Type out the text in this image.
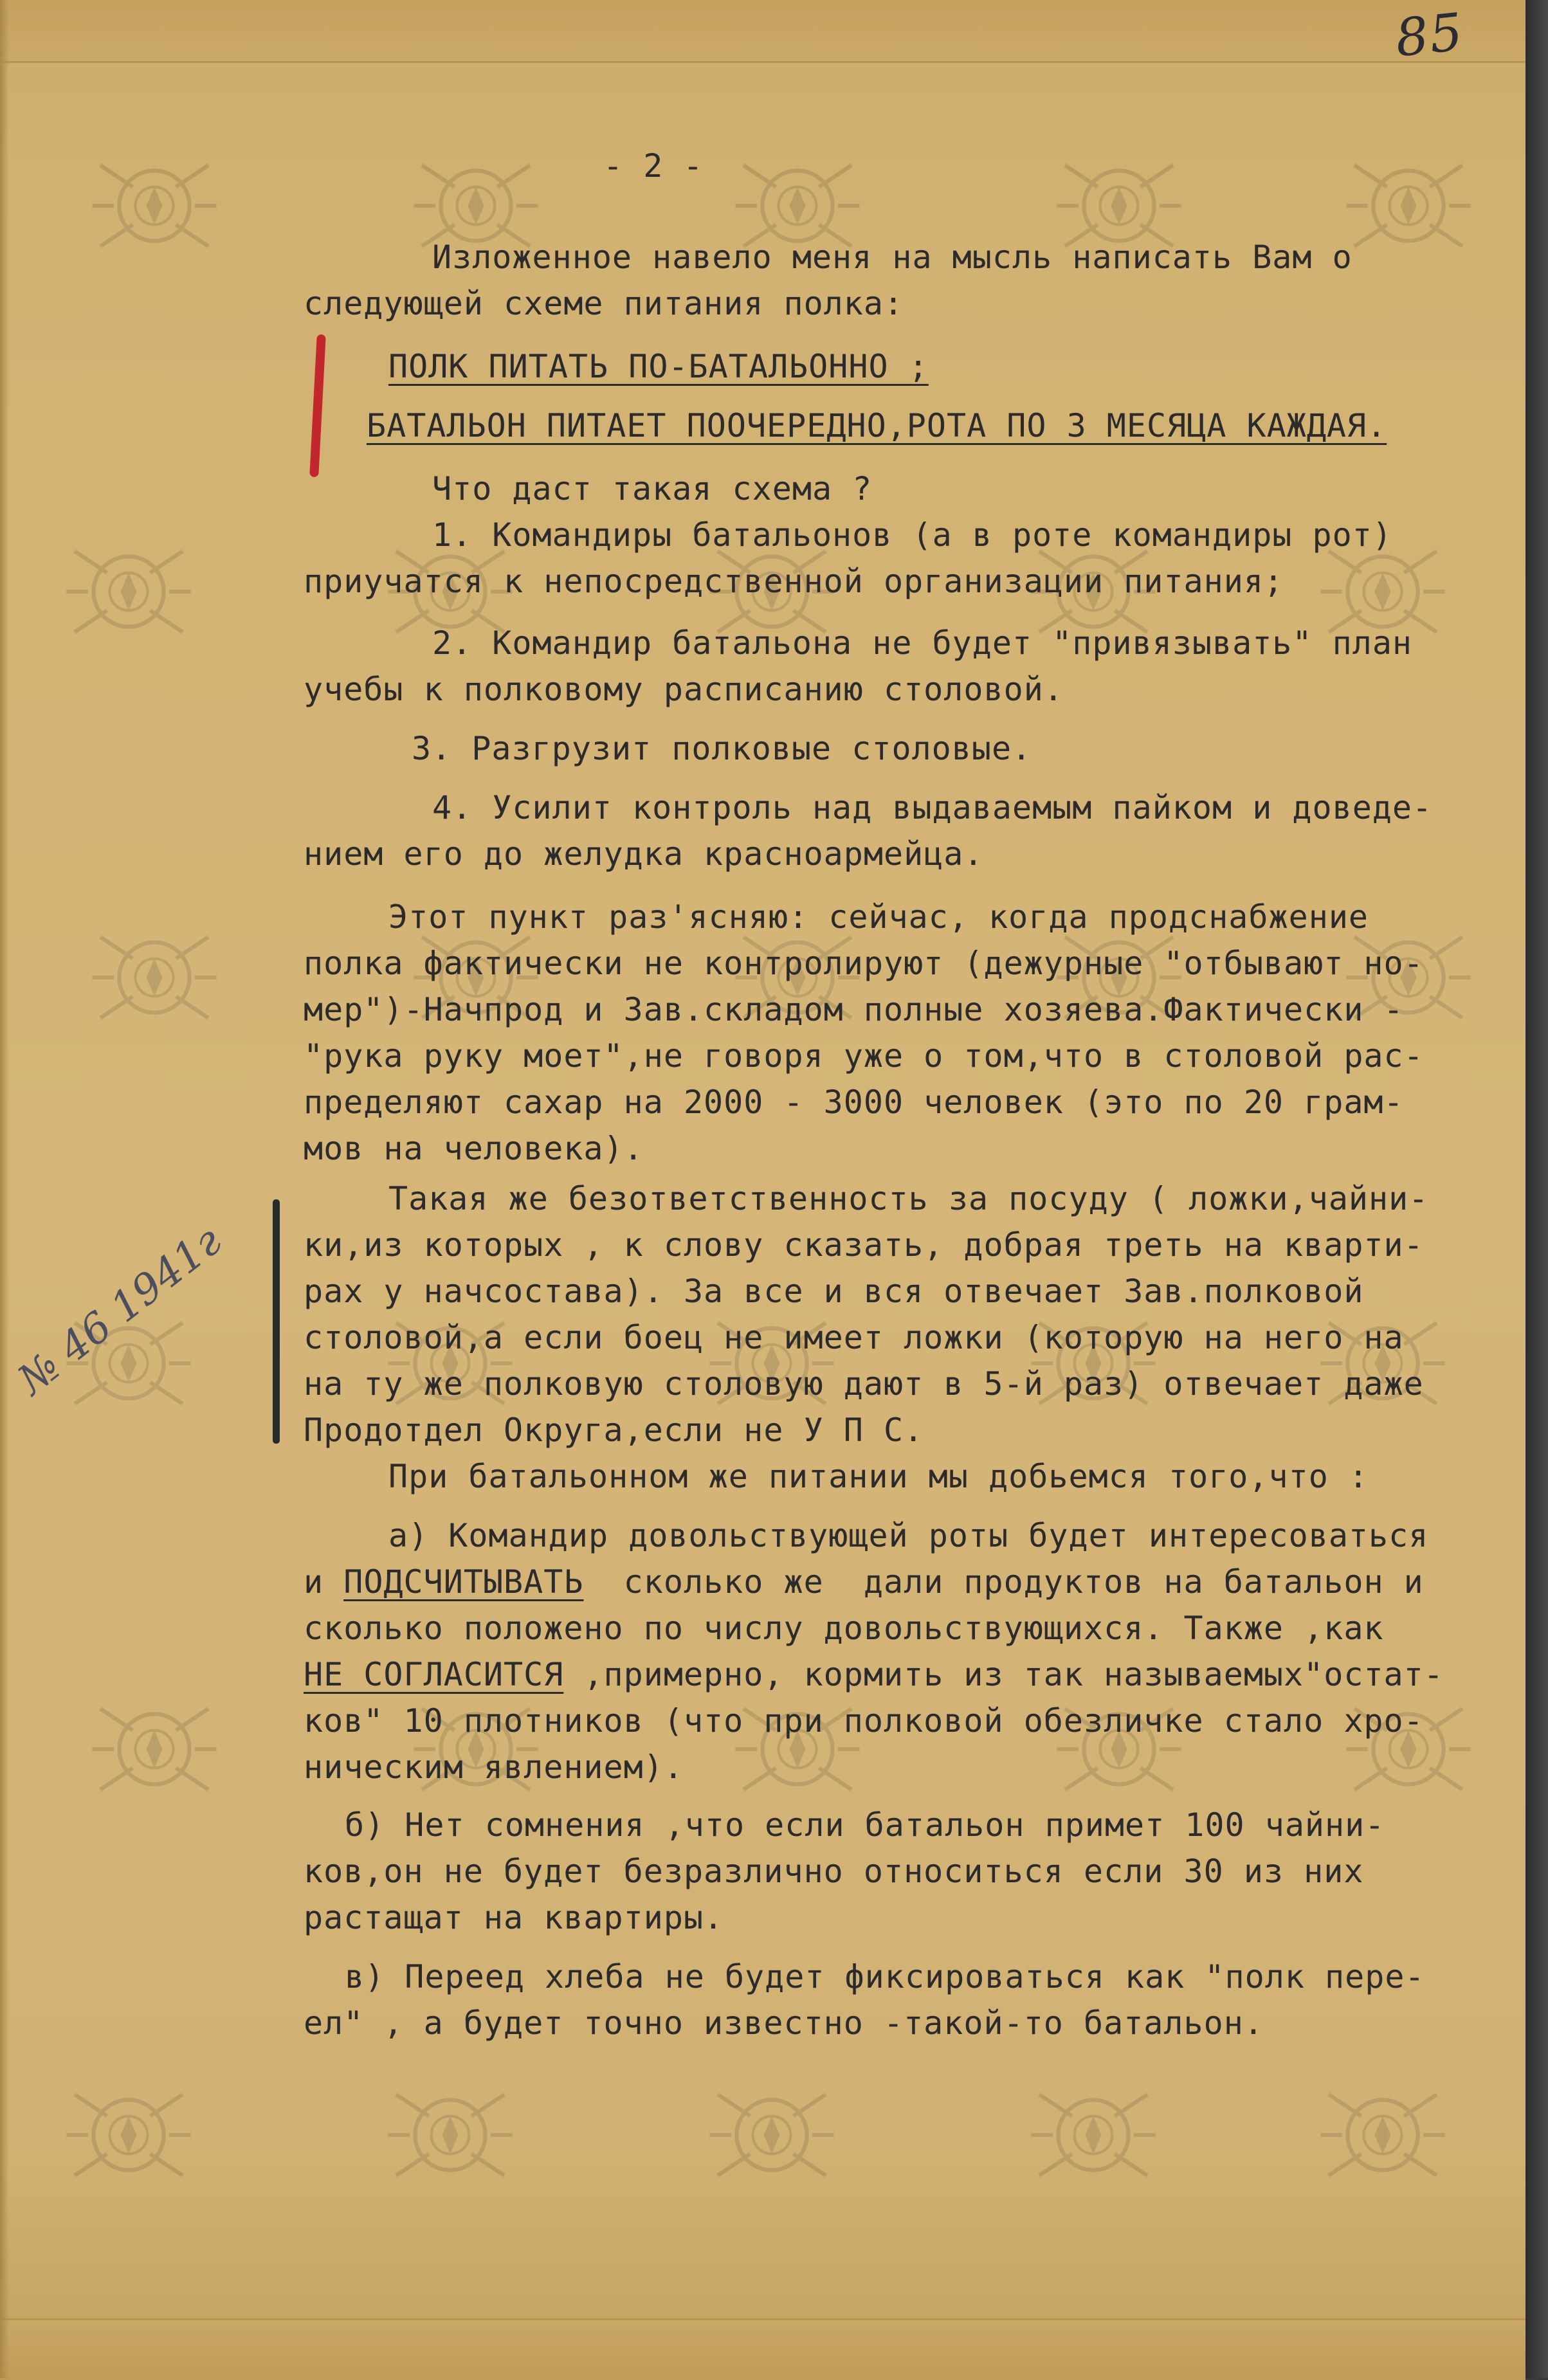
85
- 2 -
Изложенное навело меня на мысль написать Вам о
следующей схеме питания полка:
ПОЛК ПИТАТЬ ПО-БАТАЛЬОННО ;
БАТАЛЬОН ПИТАЕТ ПООЧЕРЕДНО,РОТА ПО 3 МЕСЯЦА КАЖДАЯ.
Что даст такая схема ?
1. Командиры батальонов (а в роте командиры рот)
приучатся к непосредственной организации питания;
2. Командир батальона не будет "привязывать" план
учебы к полковому расписанию столовой.
3. Разгрузит полковые столовые.
4. Усилит контроль над выдаваемым пайком и доведе-
нием его до желудка красноармейца.
Этот пункт раз'ясняю: сейчас, когда продснабжение
полка фактически не контролируют (дежурные "отбывают но-
мер")-Начпрод и Зав.складом полные хозяева.Фактически -
"рука руку моет",не говоря уже о том,что в столовой рас-
пределяют сахар на 2000 - 3000 человек (это по 20 грам-
мов на человека).
№ 46 1941г
Такая же безответственность за посуду ( ложки,чайни-
ки,из которых , к слову сказать, добрая треть на кварти-
рах у начсостава). За все и вся отвечает Зав.полковой
столовой,а если боец не имеет ложки (которую на него на
на ту же полковую столовую дают в 5-й раз) отвечает даже
Продотдел Округа,если не У П С.
При батальонном же питании мы добьемся того,что :
а) Командир довольствующей роты будет интересоваться
и ПОДСЧИТЫВАТЬ  сколько же  дали продуктов на батальон и
сколько положено по числу довольствующихся. Также ,как
НЕ СОГЛАСИТСЯ ,примерно, кормить из так называемых"остат-
ков" 10 плотников (что при полковой обезличке стало хро-
ническим явлением).
б) Нет сомнения ,что если батальон примет 100 чайни-
ков,он не будет безразлично относиться если 30 из них
растащат на квартиры.
в) Перeед хлеба не будет фиксироваться как "полк пере-
ел" , а будет точно известно -такой-то батальон.
